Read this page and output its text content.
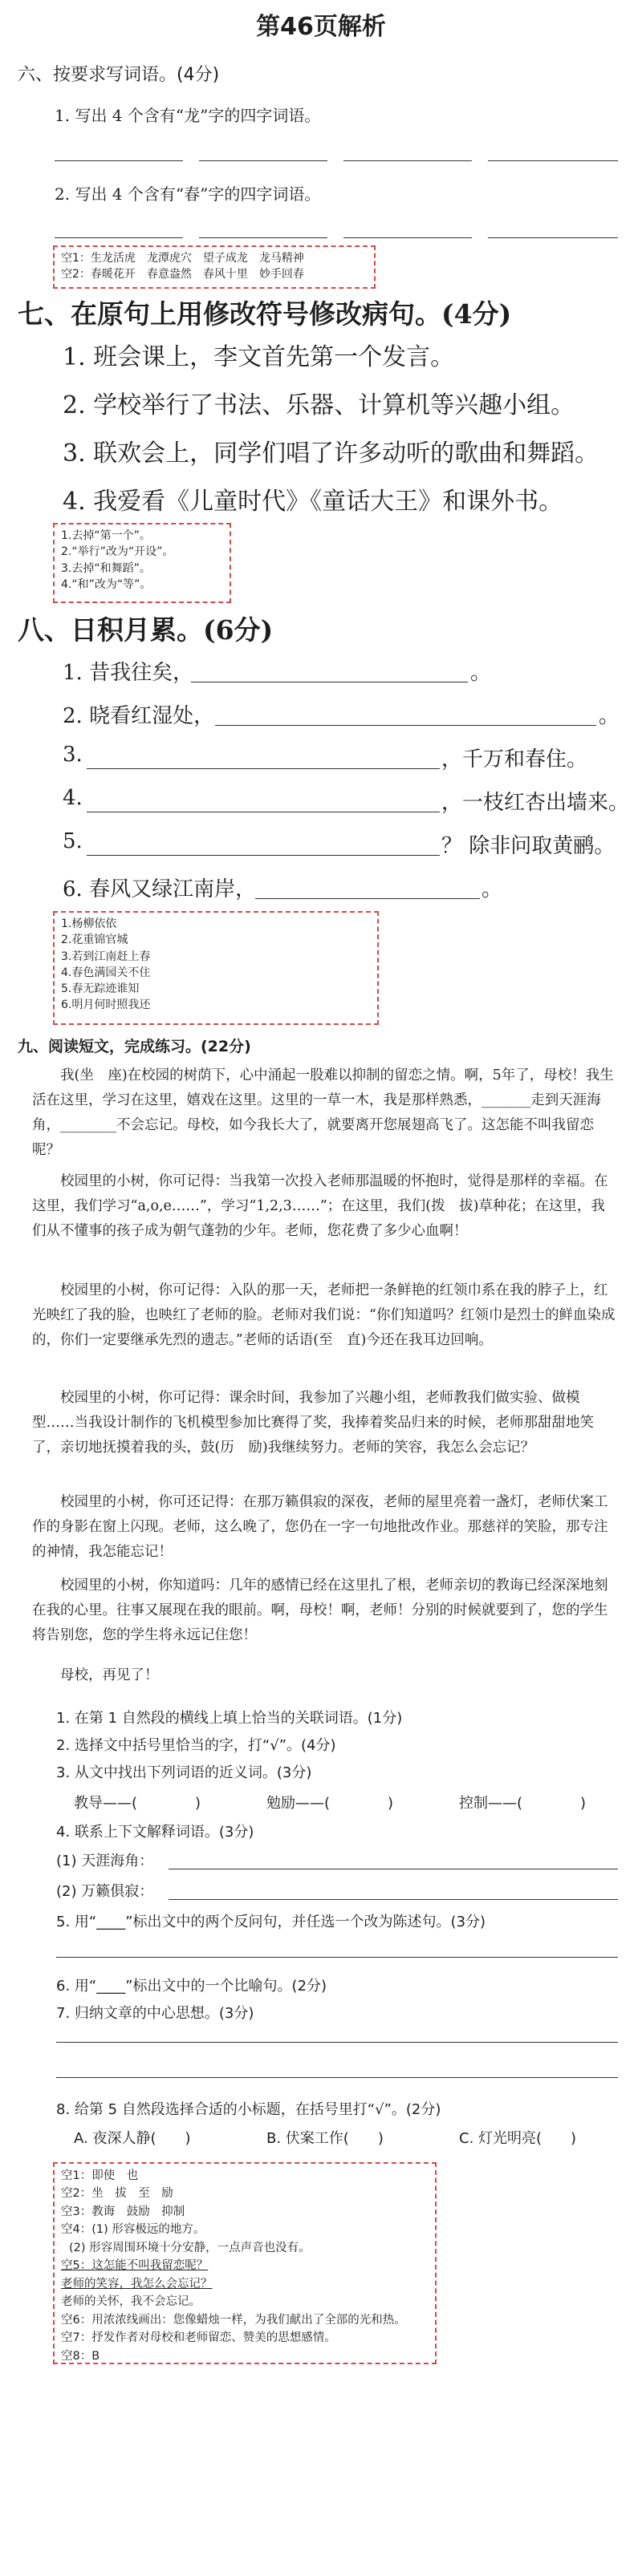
第46页解析
六、按要求写词语。(4分)
1. 写出 4 个含有“龙”字的四字词语。
2. 写出 4 个含有“春”字的四字词语。
空1：生龙活虎　龙潭虎穴　望子成龙　龙马精神
空2：春暖花开　春意盎然　春风十里　妙手回春
七、在原句上用修改符号修改病句。(4分)
1. 班会课上，李文首先第一个发言。
2. 学校举行了书法、乐器、计算机等兴趣小组。
3. 联欢会上，同学们唱了许多动听的歌曲和舞蹈。
4. 我爱看《儿童时代》《童话大王》和课外书。
1.去掉“第一个”。
2.“举行”改为“开设”。
3.去掉“和舞蹈”。
4.“和”改为“等”。
八、日积月累。(6分)
1. 昔我往矣，	。
2. 晓看红湿处，	。
3.	，千万和春住。
4.	，一枝红杏出墙来。
5.	？ 除非问取黄鹂。
6. 春风又绿江南岸，	。
1.杨柳依依
2.花重锦官城
3.若到江南赶上春
4.春色满园关不住
5.春无踪迹谁知
6.明月何时照我还
九、阅读短文，完成练习。(22分)
我(坐　座)在校园的树荫下，心中涌起一股难以抑制的留恋之情。啊，5年了，母校！我生活在这里，学习在这里，嬉戏在这里。这里的一草一木，我是那样熟悉，_______走到天涯海角，________不会忘记。母校，如今我长大了，就要离开您展翅高飞了。这怎能不叫我留恋呢？
校园里的小树，你可记得：当我第一次投入老师那温暖的怀抱时，觉得是那样的幸福。在这里，我们学习“a,o,e……”，学习“1,2,3……”；在这里，我们(拨　拔)草种花；在这里，我们从不懂事的孩子成为朝气蓬勃的少年。老师，您花费了多少心血啊！
校园里的小树，你可记得：入队的那一天，老师把一条鲜艳的红领巾系在我的脖子上，红光映红了我的脸，也映红了老师的脸。老师对我们说：“你们知道吗？红领巾是烈士的鲜血染成的，你们一定要继承先烈的遗志。”老师的话语(至　直)今还在我耳边回响。
校园里的小树，你可记得：课余时间，我参加了兴趣小组，老师教我们做实验、做模型……当我设计制作的飞机模型参加比赛得了奖，我捧着奖品归来的时候，老师那甜甜地笑了，亲切地抚摸着我的头，鼓(历　励)我继续努力。老师的笑容，我怎么会忘记？
校园里的小树，你可还记得：在那万籁俱寂的深夜，老师的屋里亮着一盏灯，老师伏案工作的身影在窗上闪现。老师，这么晚了，您仍在一字一句地批改作业。那慈祥的笑脸，那专注的神情，我怎能忘记！
校园里的小树，你知道吗：几年的感情已经在这里扎了根，老师亲切的教诲已经深深地刻在我的心里。往事又展现在我的眼前。啊，母校！啊，老师！分别的时候就要到了，您的学生将告别您，您的学生将永远记住您！
母校，再见了！
1. 在第 1 自然段的横线上填上恰当的关联词语。(1分)
2. 选择文中括号里恰当的字，打“√”。(4分)
3. 从文中找出下列词语的近义词。(3分)
教导——(　　　　)	勉励——(　　　　)	控制——(　　　　)
4. 联系上下文解释词语。(3分)
(1) 天涯海角：
(2) 万籁俱寂：
5. 用“____”标出文中的两个反问句，并任选一个改为陈述句。(3分)
6. 用“____”标出文中的一个比喻句。(2分)
7. 归纳文章的中心思想。(3分)
8. 给第 5 自然段选择合适的小标题，在括号里打“√”。(2分)
A. 夜深人静(　　)	B. 伏案工作(　　)	C. 灯光明亮(　　)
空1：即使　也
空2：坐　拔　至　励
空3：教诲　鼓励　抑制
空4：(1) 形容极远的地方。
(2) 形容周围环境十分安静，一点声音也没有。
空5：这怎能不叫我留恋呢？
老师的笑容，我怎么会忘记？
老师的关怀，我不会忘记。
空6：用浓浓线画出：您像蜡烛一样，为我们献出了全部的光和热。
空7：抒发作者对母校和老师留恋、赞美的思想感情。
空8：B
